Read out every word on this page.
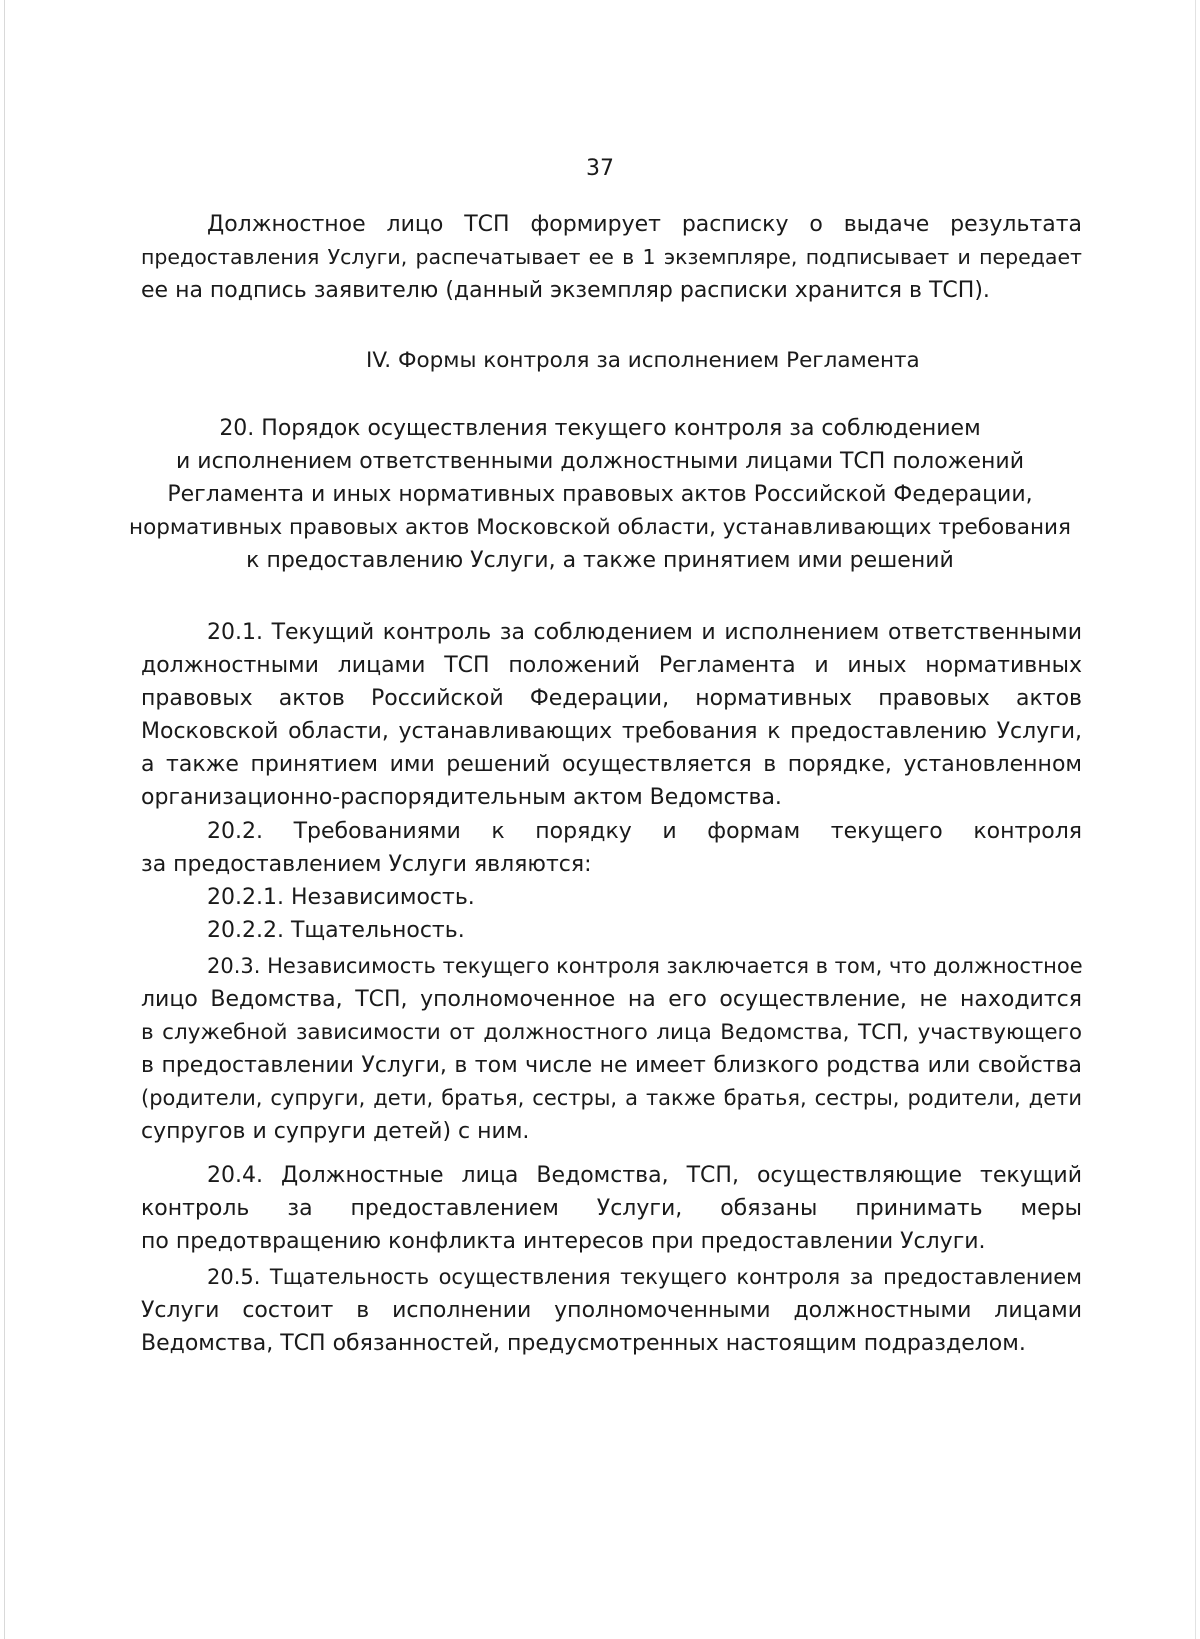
37
Должностное лицо ТСП формирует расписку о выдаче результата
предоставления Услуги, распечатывает ее в 1 экземпляре, подписывает и передает
ее на подпись заявителю (данный экземпляр расписки хранится в ТСП).
IV. Формы контроля за исполнением Регламента
20. Порядок осуществления текущего контроля за соблюдением
и исполнением ответственными должностными лицами ТСП положений
Регламента и иных нормативных правовых актов Российской Федерации,
нормативных правовых актов Московской области, устанавливающих требования
к предоставлению Услуги, а также принятием ими решений
20.1. Текущий контроль за соблюдением и исполнением ответственными
должностными лицами ТСП положений Регламента и иных нормативных
правовых актов Российской Федерации, нормативных правовых актов
Московской области, устанавливающих требования к предоставлению Услуги,
а также принятием ими решений осуществляется в порядке, установленном
организационно-распорядительным актом Ведомства.
20.2. Требованиями к порядку и формам текущего контроля
за предоставлением Услуги являются:
20.2.1. Независимость.
20.2.2. Тщательность.
20.3. Независимость текущего контроля заключается в том, что должностное
лицо Ведомства, ТСП, уполномоченное на его осуществление, не находится
в служебной зависимости от должностного лица Ведомства, ТСП, участвующего
в предоставлении Услуги, в том числе не имеет близкого родства или свойства
(родители, супруги, дети, братья, сестры, а также братья, сестры, родители, дети
супругов и супруги детей) с ним.
20.4. Должностные лица Ведомства, ТСП, осуществляющие текущий
контроль за предоставлением Услуги, обязаны принимать меры
по предотвращению конфликта интересов при предоставлении Услуги.
20.5. Тщательность осуществления текущего контроля за предоставлением
Услуги состоит в исполнении уполномоченными должностными лицами
Ведомства, ТСП обязанностей, предусмотренных настоящим подразделом.
